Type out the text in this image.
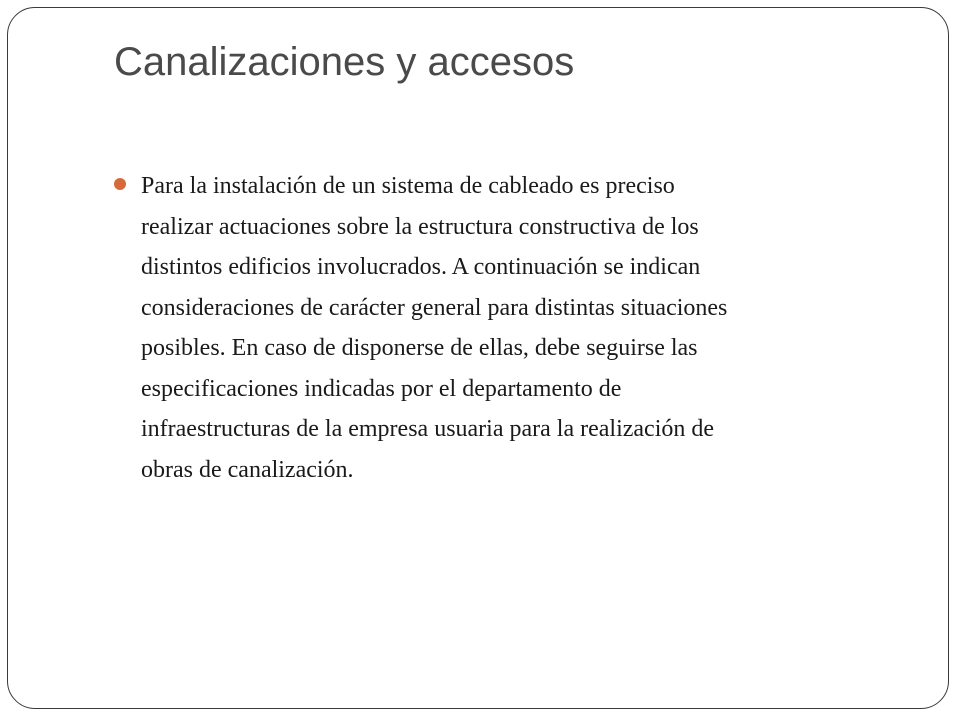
Canalizaciones y accesos
Para la instalación de un sistema de cableado es preciso
realizar actuaciones sobre la estructura constructiva de los
distintos edificios involucrados. A continuación se indican
consideraciones de carácter general para distintas situaciones
posibles. En caso de disponerse de ellas, debe seguirse las
especificaciones indicadas por el departamento de
infraestructuras de la empresa usuaria para la realización de
obras de canalización.
